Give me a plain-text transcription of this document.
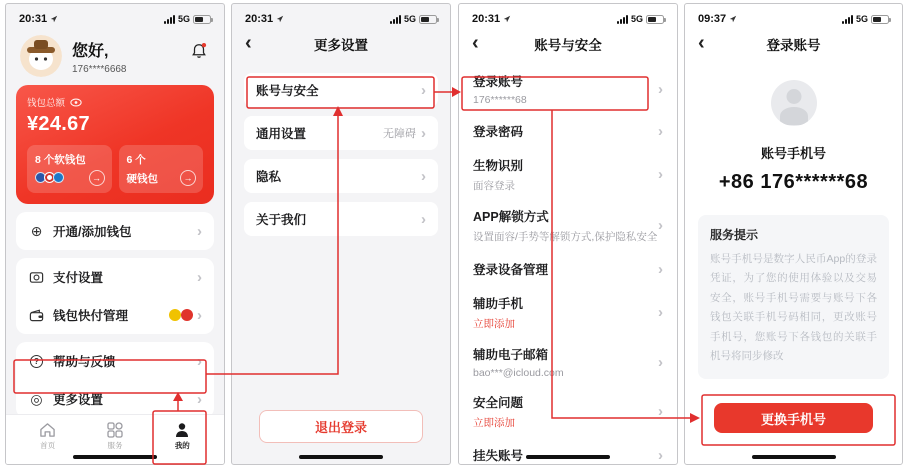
20:31	5G
您好,
176****6668
钱包总额
¥24.67
8 个软钱包
→
6 个
硬钱包	→
⊕ 开通/添加钱包	›
支付设置	›
钱包快付管理	›
?	帮助与反馈	›
◎ 更多设置	›
首页	服务	我的
20:31	5G
‹	更多设置
账号与安全	›
通用设置	无障碍 ›
隐私	›
关于我们	›
退出登录
20:31	5G
‹	账号与安全
登录账号
176******68
›
登录密码	›
生物识别
面容登录
›
APP解锁方式
设置面容/手势等解锁方式,保护隐私安全
›
登录设备管理	›
辅助手机
立即添加
›
辅助电子邮箱
bao***@icloud.com
›
安全问题
立即添加
›
挂失账号	›
09:37	5G
‹	登录账号
账号手机号
+86 176******68
服务提示
账号手机号是数字人民币App的登录凭证，为了您的使用体验以及交易安全，账号手机号需要与账号下各钱包关联手机号码相同，更改账号手机号，您账号下各钱包的关联手机号将同步修改
更换手机号
